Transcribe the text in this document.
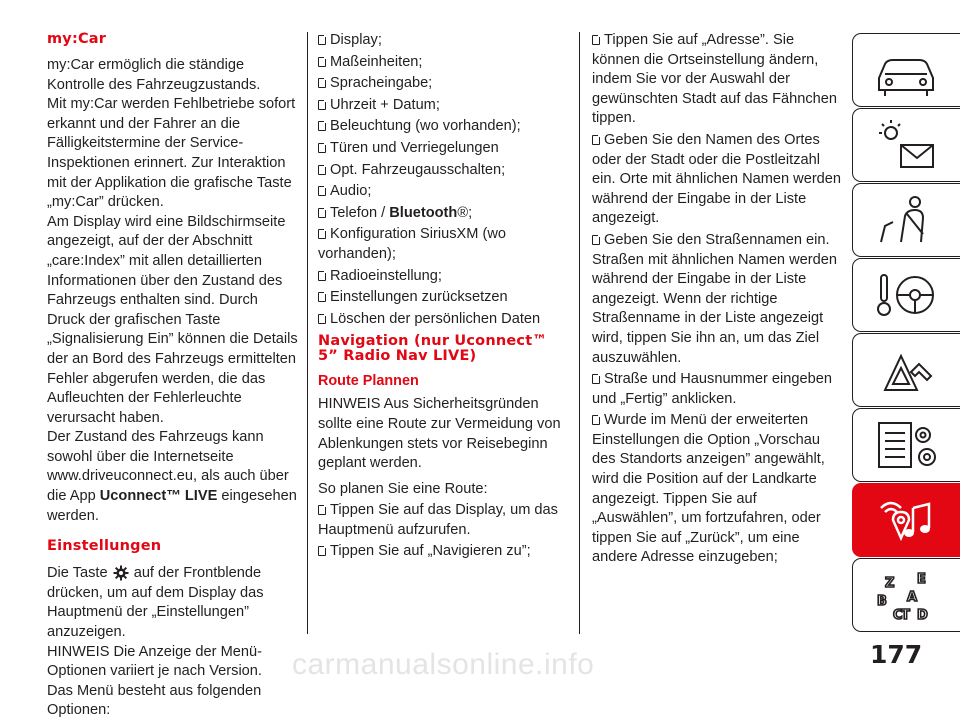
my:Car

my:Car ermöglich die ständige Kontrolle des Fahrzeugzustands.

Mit my:Car werden Fehlbetriebe sofort erkannt und der Fahrer an die Fälligkeitstermine der Service-Inspektionen erinnert. Zur Interaktion mit der Applikation die grafische Taste „my:Car” drücken.

Am Display wird eine Bildschirmseite angezeigt, auf der der Abschnitt „care:Index” mit allen detaillierten Informationen über den Zustand des Fahrzeugs enthalten sind. Durch Druck der grafischen Taste „Signalisierung Ein” können die Details der an Bord des Fahrzeugs ermittelten Fehler abgerufen werden, die das Aufleuchten der Fehlerleuchte verursacht haben.

Der Zustand des Fahrzeugs kann sowohl über die Internetseite www.driveuconnect.eu, als auch über die App Uconnect™ LIVE eingesehen werden.

Einstellungen

Die Taste auf der Frontblende drücken, um auf dem Display das Hauptmenü der „Einstellungen” anzuzeigen.

HINWEIS Die Anzeige der Menü-Optionen variiert je nach Version.

Das Menü besteht aus folgenden Optionen:

Display;

Maßeinheiten;

Spracheingabe;

Uhrzeit + Datum;

Beleuchtung (wo vorhanden);

Türen und Verriegelungen

Opt. Fahrzeugausschalten;

Audio;

Telefon / Bluetooth®;

Konfiguration SiriusXM (wo vorhanden);

Radioeinstellung;

Einstellungen zurücksetzen

Löschen der persönlichen Daten

Navigation (nur Uconnect™ 5” Radio Nav LIVE)
Route Plannen

HINWEIS Aus Sicherheitsgründen sollte eine Route zur Vermeidung von Ablenkungen stets vor Reisebeginn geplant werden.

So planen Sie eine Route:

Tippen Sie auf das Display, um das Hauptmenü aufzurufen.

Tippen Sie auf „Navigieren zu”;

Tippen Sie auf „Adresse”. Sie können die Ortseinstellung ändern, indem Sie vor der Auswahl der gewünschten Stadt auf das Fähnchen tippen.

Geben Sie den Namen des Ortes oder der Stadt oder die Postleitzahl ein. Orte mit ähnlichen Namen werden während der Eingabe in der Liste angezeigt.

Geben Sie den Straßennamen ein. Straßen mit ähnlichen Namen werden während der Eingabe in der Liste angezeigt. Wenn der richtige Straßenname in der Liste angezeigt wird, tippen Sie ihn an, um das Ziel auszuwählen.

Straße und Hausnummer eingeben und „Fertig” anklicken.

Wurde im Menü der erweiterten Einstellungen die Option „Vorschau des Standorts anzeigen” angewählt, wird die Position auf der Landkarte angezeigt. Tippen Sie auf „Auswählen”, um fortzufahren, oder tippen Sie auf „Zurück”, um eine andere Adresse einzugeben;

Z E
B A
C
T D
177
carmanualsonline.info
